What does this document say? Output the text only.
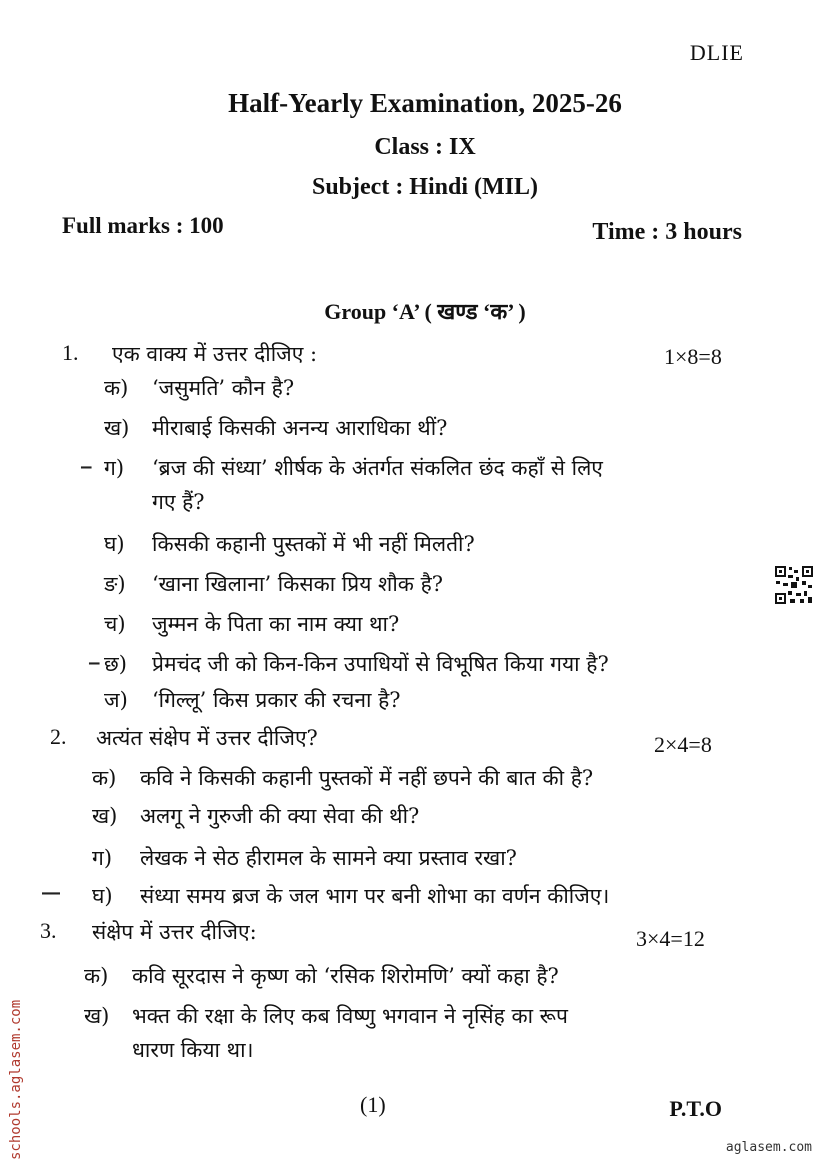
DLIE
Half-Yearly Examination, 2025-26
Class : IX
Subject : Hindi (MIL)
Full marks : 100	Time : 3 hours
Group ‘A’ ( खण्ड ‘क’ )
1. एक वाक्य में उत्तर दीजिए :	1×8=8
क) ‘जसुमति’ कौन है?
ख) मीराबाई किसकी अनन्य आराधिका थीं?
‒ ग) ‘ब्रज की संध्या’ शीर्षक के अंतर्गत संकलित छंद कहाँ से लिए
गए हैं?
घ) किसकी कहानी पुस्तकों में भी नहीं मिलती?
ङ) ‘खाना खिलाना’ किसका प्रिय शौक है?
च) जुम्मन के पिता का नाम क्या था?
‒ छ) प्रेमचंद जी को किन-किन उपाधियों से विभूषित किया गया है?
ज) ‘गिल्लू’ किस प्रकार की रचना है?
2. अत्यंत संक्षेप में उत्तर दीजिए?	2×4=8
क) कवि ने किसकी कहानी पुस्तकों में नहीं छपने की बात की है?
ख) अलगू ने गुरुजी की क्या सेवा की थी?
ग) लेखक ने सेठ हीरामल के सामने क्या प्रस्ताव रखा?
― घ) संध्या समय ब्रज के जल भाग पर बनी शोभा का वर्णन कीजिए।
3. संक्षेप में उत्तर दीजिए:	3×4=12
क) कवि सूरदास ने कृष्ण को ‘रसिक शिरोमणि’ क्यों कहा है?
ख) भक्त की रक्षा के लिए कब विष्णु भगवान ने नृसिंह का रूप
धारण किया था।
(1)	P.T.O
schools.aglasem.com	aglasem.com
